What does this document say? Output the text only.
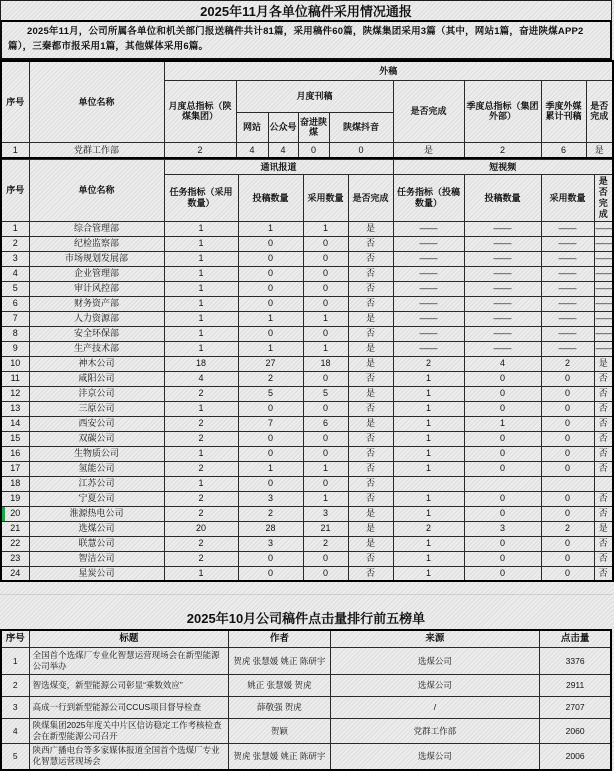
2025年11月各单位稿件采用情况通报

2025年11月，公司所属各单位和机关部门报送稿件共计81篇，采用稿件60篇，陕煤集团采用3篇（其中，网站1篇，奋进陕煤APP2篇），三秦都市报采用1篇，其他媒体采用6篇。

序号	单位名称	外稿								
		月度总指标（陕煤集团）	月度刊稿				是否完成	季度总指标（集团外部）	季度外媒累计刊稿	是否完成
			网站	公众号	奋进陕煤	陕煤抖音				
1	党群工作部	2	4	4	0	0	是	2	6	是
序号	单位名称	通讯报道				短视频			
		任务指标（采用数量）	投稿数量	采用数量	是否完成	任务指标（投稿数量）	投稿数量	采用数量	是否完成
1	综合管理部	1	1	1	是	——	——	——	——
2	纪检监察部	1	0	0	否	——	——	——	——
3	市场规划发展部	1	0	0	否	——	——	——	——
4	企业管理部	1	0	0	否	——	——	——	——
5	审计风控部	1	0	0	否	——	——	——	——
6	财务资产部	1	0	0	否	——	——	——	——
7	人力资源部	1	1	1	是	——	——	——	——
8	安全环保部	1	0	0	否	——	——	——	——
9	生产技术部	1	1	1	是	——	——	——	——
10	神木公司	18	27	18	是	2	4	2	是
11	咸阳公司	4	2	0	否	1	0	0	否
12	沣京公司	2	5	5	是	1	0	0	否
13	三原公司	1	0	0	否	1	0	0	否
14	西安公司	2	7	6	是	1	1	0	否
15	双碳公司	2	0	0	否	1	0	0	否
16	生物质公司	1	0	0	否	1	0	0	否
17	氢能公司	2	1	1	否	1	0	0	否
18	江苏公司	1	0	0	否				
19	宁夏公司	2	3	1	否	1	0	0	否
20	淮源热电公司	2	2	3	是	1	0	0	否
21	选煤公司	20	28	21	是	2	3	2	是
22	联慧公司	2	3	2	是	1	0	0	否
23	智洁公司	2	0	0	否	1	0	0	否
24	星炭公司	1	0	0	否	1	0	0	否
2025年10月公司稿件点击量排行前五榜单
序号	标题	作者	来源	点击量
1	全国首个选煤厂专业化智慧运营现场会在新型能源公司举办	贺虎 张慧媛 姚正 陈研宇	选煤公司	3376
2	智选煤变，新型能源公司彰显“乘数效应”	姚正 张慧媛 贺虎	选煤公司	2911
3	高成一行到新型能源公司CCUS项目督导检查	薛敬强 贺虎	/	2707
4	陕煤集团2025年度关中片区信访稳定工作考核检查会在新型能源公司召开	贺颖	党群工作部	2060
5	陕西广播电台等多家媒体报道全国首个选煤厂专业化智慧运营现场会	贺虎 张慧媛 姚正 陈研宇	选煤公司	2006
